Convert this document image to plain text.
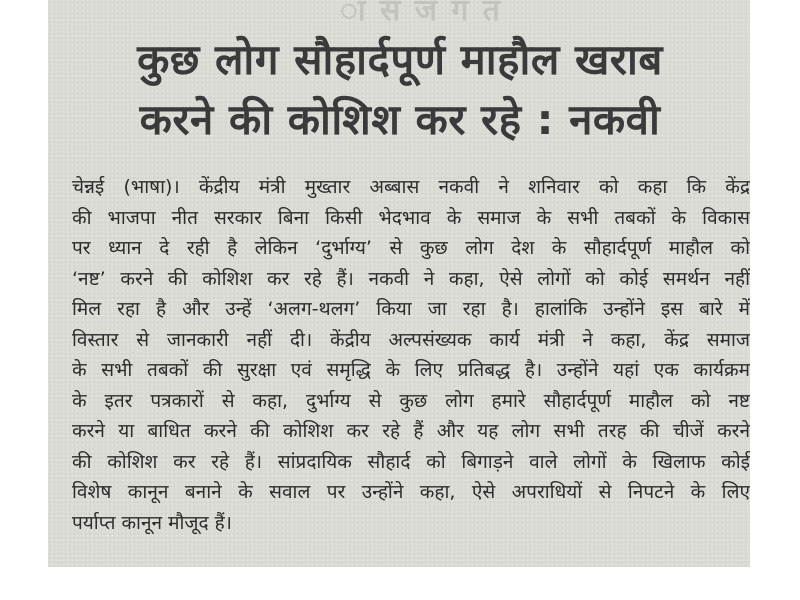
ा स ज ग त
कुछ लोग सौहार्दपूर्ण माहौल खराब
करने की कोशिश कर रहे : नकवी
चेन्नई (भाषा)। केंद्रीय मंत्री मुख्तार अब्बास नकवी ने शनिवार को कहा कि केंद्र
की भाजपा नीत सरकार बिना किसी भेदभाव के समाज के सभी तबकों के विकास
पर ध्यान दे रही है लेकिन ‘दुर्भाग्य’ से कुछ लोग देश के सौहार्दपूर्ण माहौल को
‘नष्ट’ करने की कोशिश कर रहे हैं। नकवी ने कहा, ऐसे लोगों को कोई समर्थन नहीं
मिल रहा है और उन्हें ‘अलग-थलग’ किया जा रहा है। हालांकि उन्होंने इस बारे में
विस्तार से जानकारी नहीं दी। केंद्रीय अल्पसंख्यक कार्य मंत्री ने कहा, केंद्र समाज
के सभी तबकों की सुरक्षा एवं समृद्धि के लिए प्रतिबद्ध है। उन्होंने यहां एक कार्यक्रम
के इतर पत्रकारों से कहा, दुर्भाग्य से कुछ लोग हमारे सौहार्दपूर्ण माहौल को नष्ट
करने या बाधित करने की कोशिश कर रहे हैं और यह लोग सभी तरह की चीजें करने
की कोशिश कर रहे हैं। सांप्रदायिक सौहार्द को बिगाड़ने वाले लोगों के खिलाफ कोई
विशेष कानून बनाने के सवाल पर उन्होंने कहा, ऐसे अपराधियों से निपटने के लिए
पर्याप्त कानून मौजूद हैं।
